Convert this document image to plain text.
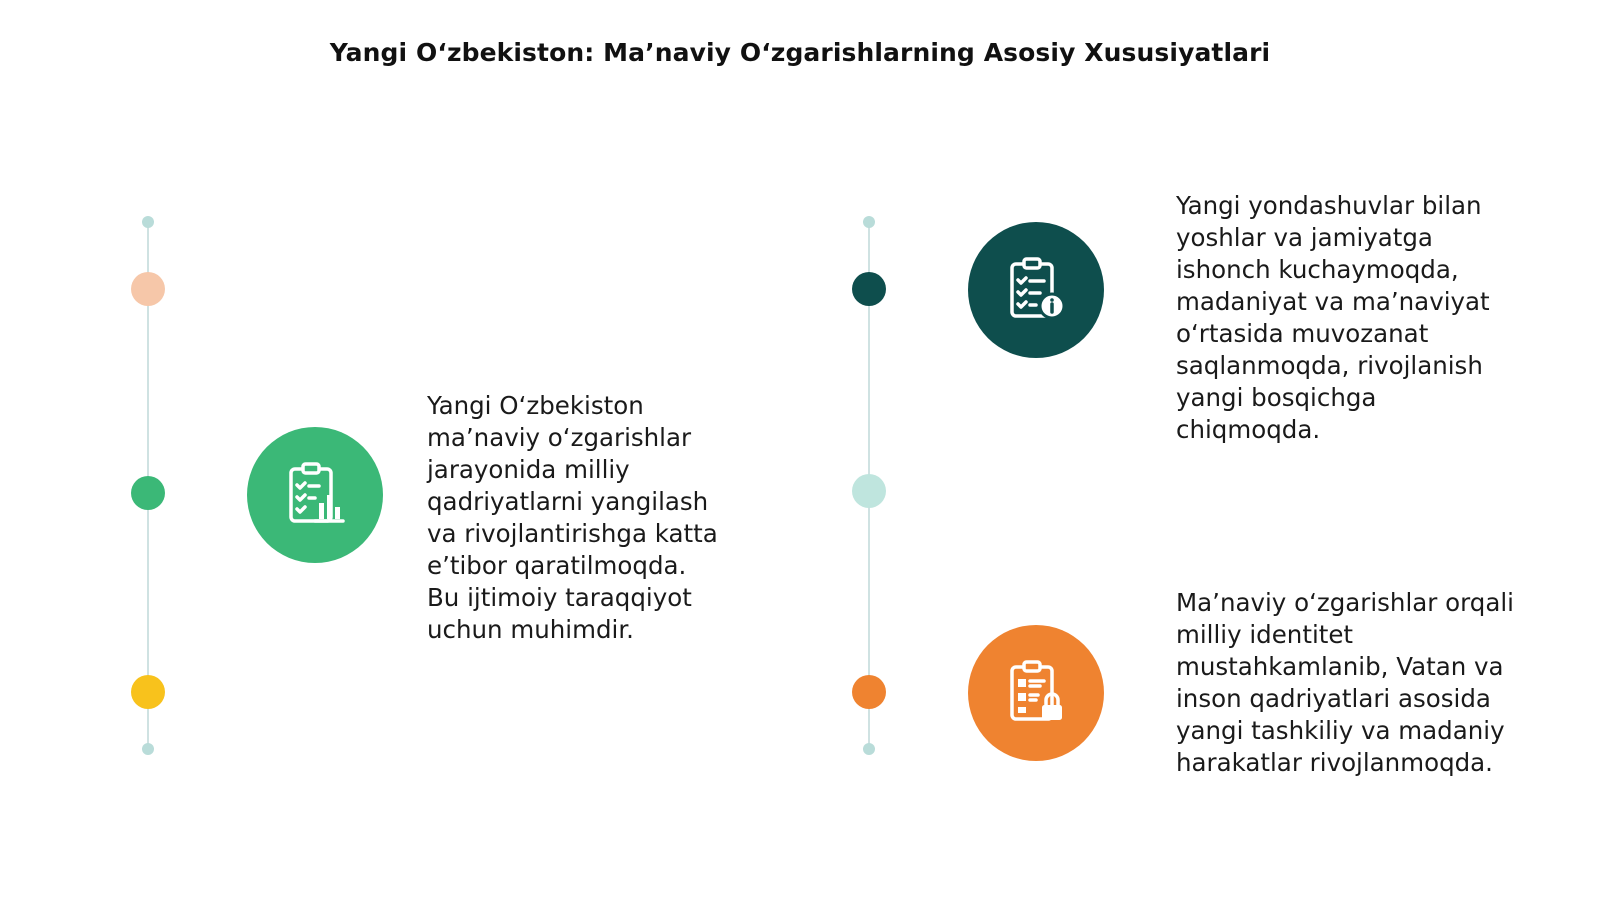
Yangi O‘zbekiston: Ma’naviy O‘zgarishlarning Asosiy Xususiyatlari
Yangi O‘zbekiston
ma’naviy o‘zgarishlar
jarayonida milliy
qadriyatlarni yangilash
va rivojlantirishga katta
e’tibor qaratilmoqda.
Bu ijtimoiy taraqqiyot
uchun muhimdir.
Yangi yondashuvlar bilan
yoshlar va jamiyatga
ishonch kuchaymoqda,
madaniyat va ma’naviyat
o‘rtasida muvozanat
saqlanmoqda, rivojlanish
yangi bosqichga
chiqmoqda.
Ma’naviy o‘zgarishlar orqali
milliy identitet
mustahkamlanib, Vatan va
inson qadriyatlari asosida
yangi tashkiliy va madaniy
harakatlar rivojlanmoqda.
